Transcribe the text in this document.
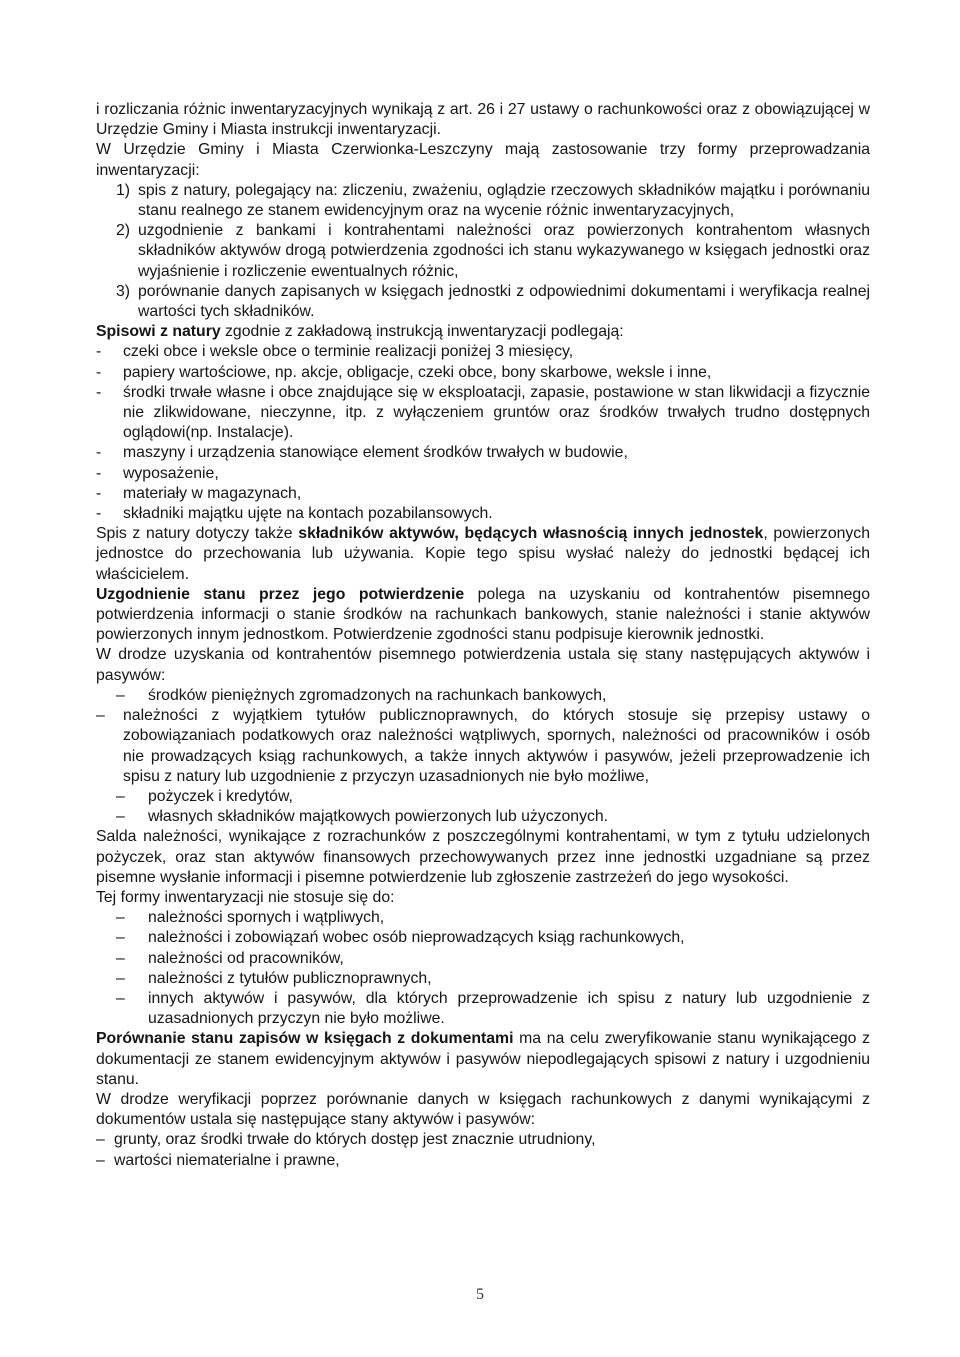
i rozliczania różnic inwentaryzacyjnych wynikają z art. 26 i 27 ustawy o rachunkowości oraz z obowiązującej w Urzędzie Gminy i Miasta instrukcji inwentaryzacji.

W Urzędzie Gminy i Miasta Czerwionka-Leszczyny mają zastosowanie trzy formy przeprowadzania inwentaryzacji:

1) spis z natury, polegający na: zliczeniu, zważeniu, oglądzie rzeczowych składników majątku i porównaniu stanu realnego ze stanem ewidencyjnym oraz na wycenie różnic inwentaryzacyjnych,
2) uzgodnienie z bankami i kontrahentami należności oraz powierzonych kontrahentom własnych składników aktywów drogą potwierdzenia zgodności ich stanu wykazywanego w księgach jednostki oraz wyjaśnienie i rozliczenie ewentualnych różnic,
3) porównanie danych zapisanych w księgach jednostki z odpowiednimi dokumentami i weryfikacja realnej wartości tych składników.

Spisowi z natury zgodnie z zakładową instrukcją inwentaryzacji podlegają:

-	czeki obce i weksle obce o terminie realizacji poniżej 3 miesięcy,
-	papiery wartościowe, np. akcje, obligacje, czeki obce, bony skarbowe, weksle i inne,
-	środki trwałe własne i obce znajdujące się w eksploatacji, zapasie, postawione w stan likwidacji a fizycznie nie zlikwidowane, nieczynne, itp. z wyłączeniem gruntów oraz środków trwałych trudno dostępnych oglądowi(np. Instalacje).
-	maszyny i urządzenia stanowiące element środków trwałych w budowie,
-	wyposażenie,
-	materiały w magazynach,
-	składniki majątku ujęte na kontach pozabilansowych.

Spis z natury dotyczy także składników aktywów, będących własnością innych jednostek, powierzonych jednostce do przechowania lub używania. Kopie tego spisu wysłać należy do jednostki będącej ich właścicielem.

Uzgodnienie stanu przez jego potwierdzenie polega na uzyskaniu od kontrahentów pisemnego potwierdzenia informacji o stanie środków na rachunkach bankowych, stanie należności i stanie aktywów powierzonych innym jednostkom. Potwierdzenie zgodności stanu podpisuje kierownik jednostki.

W drodze uzyskania od kontrahentów pisemnego potwierdzenia ustala się stany następujących aktywów i pasywów:

–	środków pieniężnych zgromadzonych na rachunkach bankowych,
–	należności z wyjątkiem tytułów publicznoprawnych, do których stosuje się przepisy ustawy o zobowiązaniach podatkowych oraz należności wątpliwych, spornych, należności od pracowników i osób nie prowadzących ksiąg rachunkowych, a także innych aktywów i pasywów, jeżeli przeprowadzenie ich spisu z natury lub uzgodnienie z przyczyn uzasadnionych nie było możliwe,
–	pożyczek i kredytów,
–	własnych składników majątkowych powierzonych lub użyczonych.

Salda należności, wynikające z rozrachunków z poszczególnymi kontrahentami, w tym z tytułu udzielonych pożyczek, oraz stan aktywów finansowych przechowywanych przez inne jednostki uzgadniane są przez pisemne wysłanie informacji i pisemne potwierdzenie lub zgłoszenie zastrzeżeń do jego wysokości.

Tej formy inwentaryzacji nie stosuje się do:

–	należności spornych i wątpliwych,
–	należności i zobowiązań wobec osób nieprowadzących ksiąg rachunkowych,
–	należności od pracowników,
–	należności z tytułów publicznoprawnych,
–	innych aktywów i pasywów, dla których przeprowadzenie ich spisu z natury lub uzgodnienie z uzasadnionych przyczyn nie było możliwe.

Porównanie stanu zapisów w księgach z dokumentami ma na celu zweryfikowanie stanu wynikającego z dokumentacji ze stanem ewidencyjnym aktywów i pasywów niepodlegających spisowi z natury i uzgodnieniu stanu.

W drodze weryfikacji poprzez porównanie danych w księgach rachunkowych z danymi wynikającymi z dokumentów ustala się następujące stany aktywów i pasywów:

– grunty, oraz środki trwałe do których dostęp jest znacznie utrudniony,
– wartości niematerialne i prawne,
5
